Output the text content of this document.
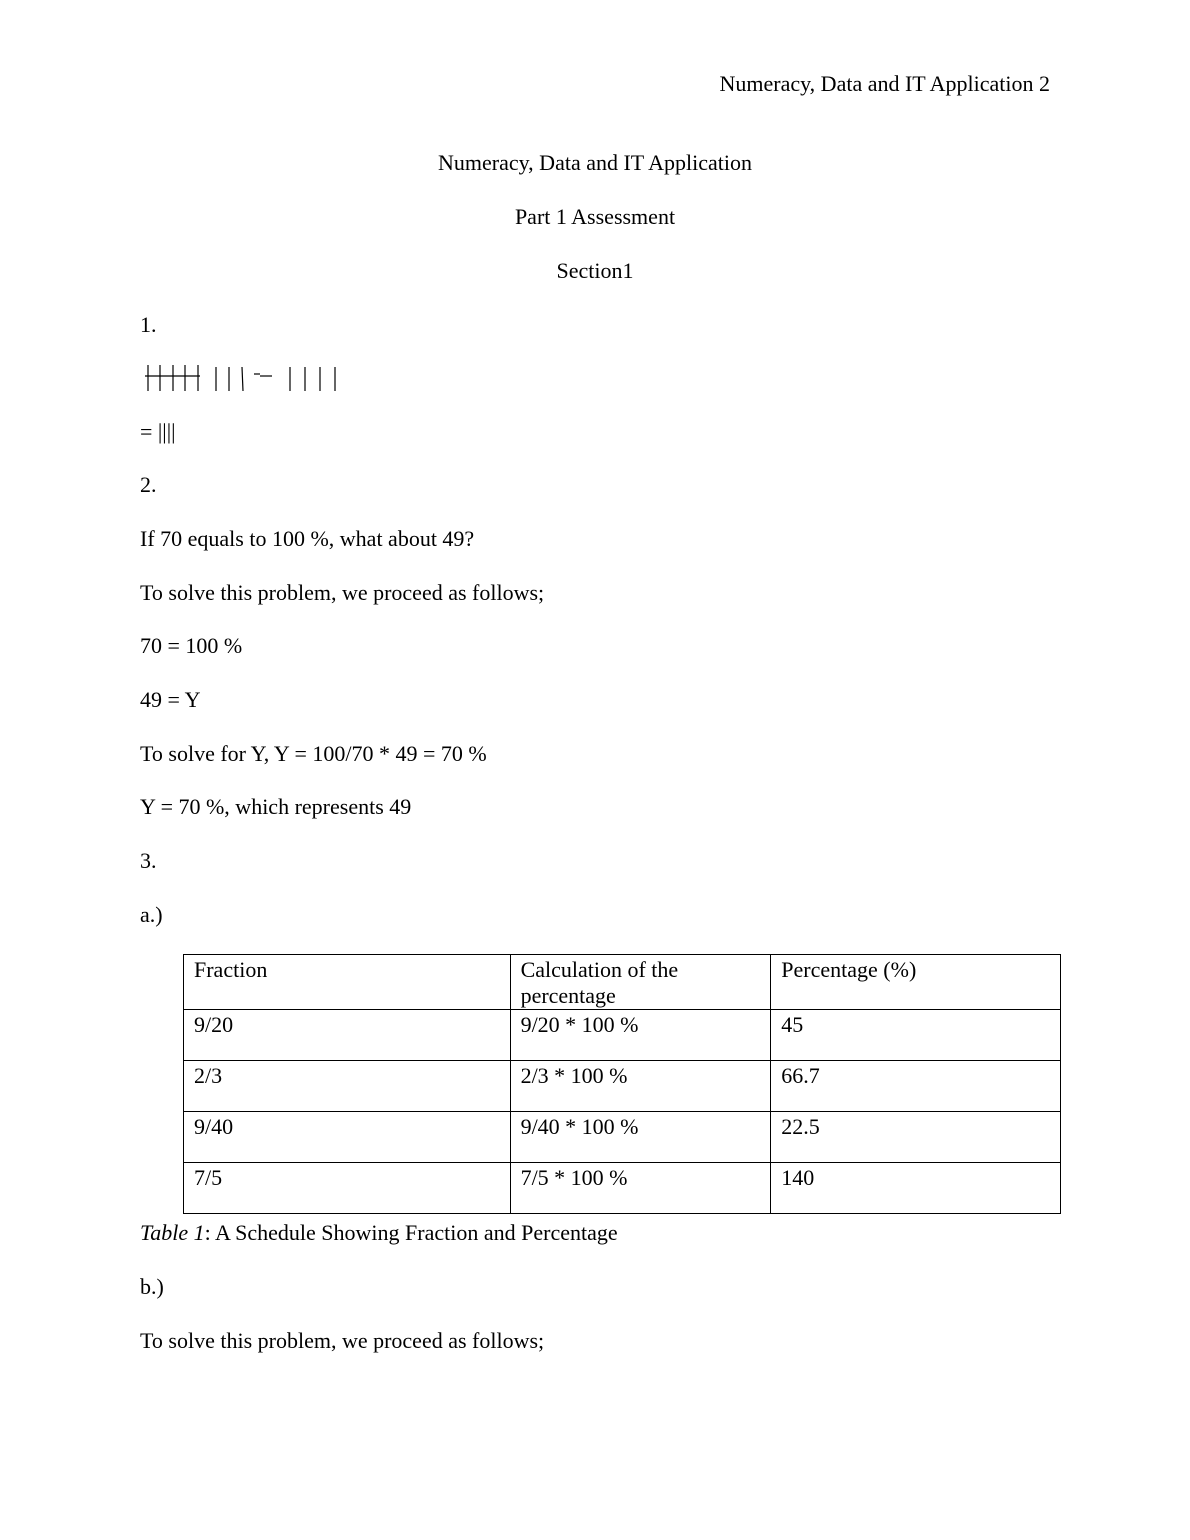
Numeracy, Data and IT Application 2
Numeracy, Data and IT Application
Part 1 Assessment
Section1
1.
= ||||
2.
If 70 equals to 100 %, what about 49?
To solve this problem, we proceed as follows;
70 = 100 %
49 = Y
To solve for Y, Y = 100/70 * 49 = 70 %
Y = 70 %, which represents 49
3.
a.)
Fraction	Calculation of the percentage	Percentage (%)
9/20	9/20 * 100 %	45
2/3	2/3 * 100 %	66.7
9/40	9/40 * 100 %	22.5
7/5	7/5 * 100 %	140
Table 1: A Schedule Showing Fraction and Percentage
b.)
To solve this problem, we proceed as follows;
